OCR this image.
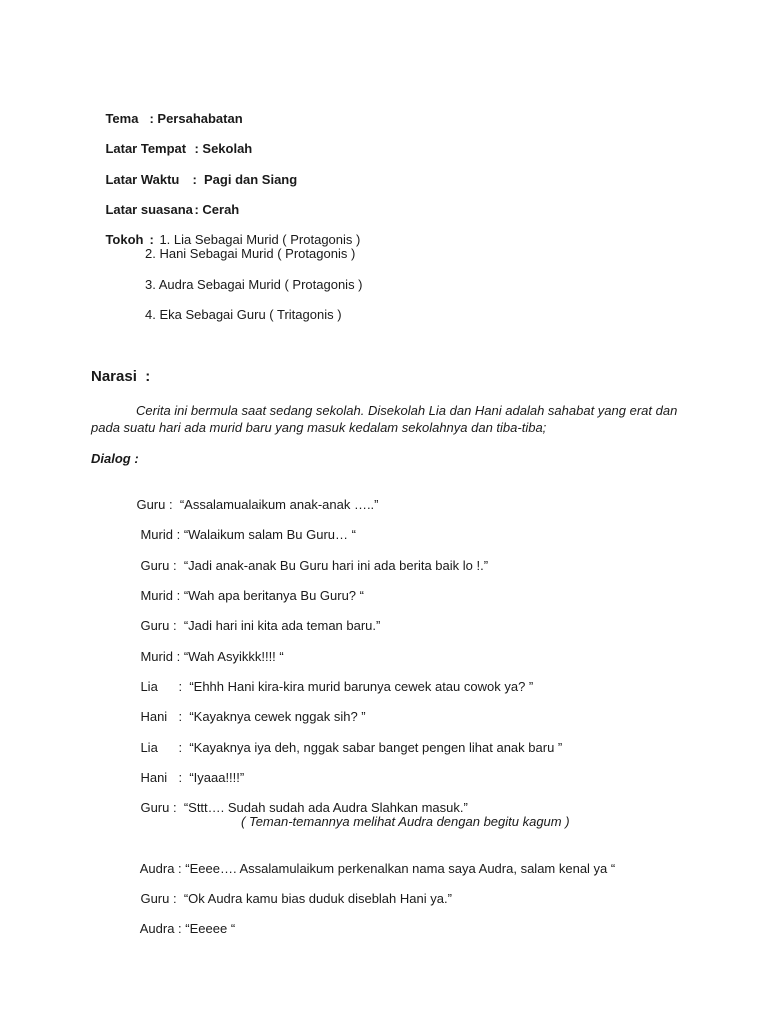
Tema : Persahabatan

Latar Tempat : Sekolah

Latar Waktu :  Pagi dan Siang

Latar suasana : Cerah

Tokoh : 1. Lia Sebagai Murid ( Protagonis )

2. Hani Sebagai Murid ( Protagonis )
3. Audra Sebagai Murid ( Protagonis )
4. Eka Sebagai Guru ( Tritagonis )
Narasi  :
Cerita ini bermula saat sedang sekolah. Disekolah Lia dan Hani adalah sahabat yang erat dan
pada suatu hari ada murid baru yang masuk kedalam sekolahnya dan tiba-tiba;
Dialog :

Guru : “Assalamualaikum anak-anak …..”

Murid : “Walaikum salam Bu Guru… “

Guru : “Jadi anak-anak Bu Guru hari ini ada berita baik lo !.”

Murid : “Wah apa beritanya Bu Guru? “

Guru : “Jadi hari ini kita ada teman baru.”

Murid : “Wah Asyikkk!!!! “

Lia : “Ehhh Hani kira-kira murid barunya cewek atau cowok ya? ”

Hani : “Kayaknya cewek nggak sih? ”

Lia : “Kayaknya iya deh, nggak sabar banget pengen lihat anak baru ”

Hani : “Iyaaa!!!!”

Guru : “Sttt…. Sudah sudah ada Audra Slahkan masuk.”

( Teman-temannya melihat Audra dengan begitu kagum )

Audra : “Eeee…. Assalamulaikum perkenalkan nama saya Audra, salam kenal ya “

Guru : “Ok Audra kamu bias duduk diseblah Hani ya.”

Audra : “Eeeee “
